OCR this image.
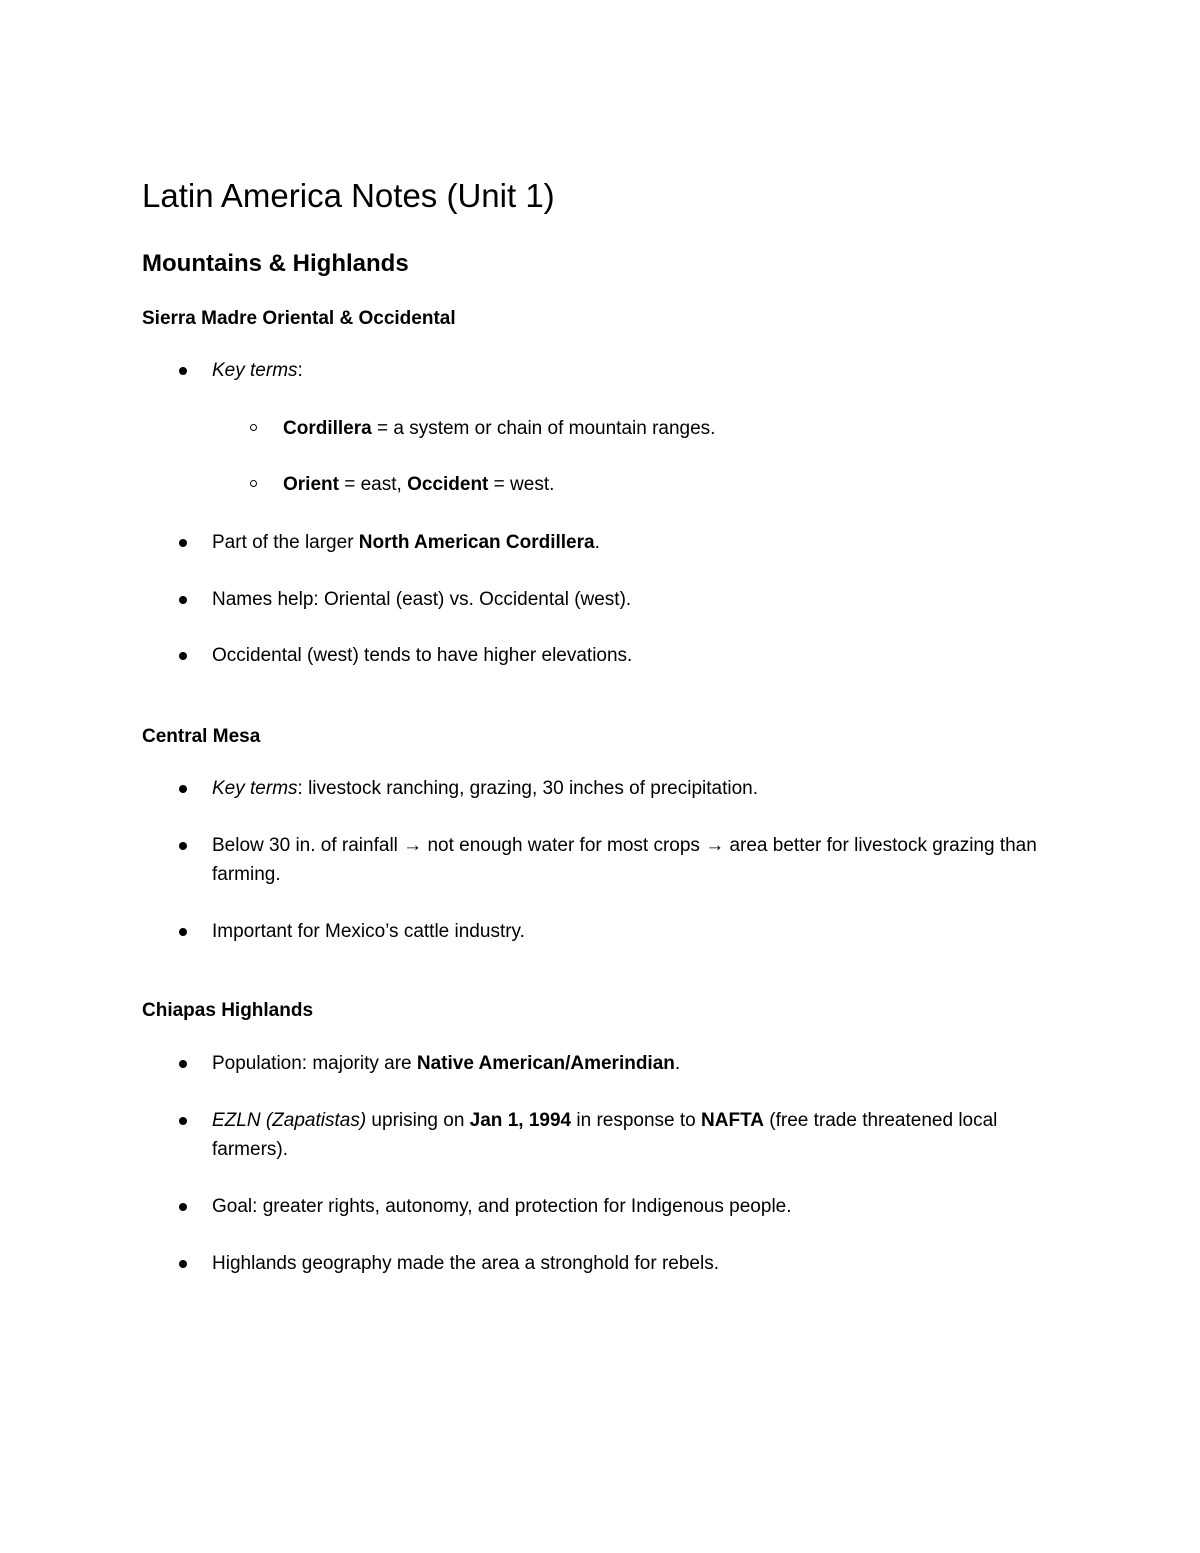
Latin America Notes (Unit 1)
Mountains & Highlands
Sierra Madre Oriental & Occidental
Key terms:
Cordillera = a system or chain of mountain ranges.
Orient = east, Occident = west.
Part of the larger North American Cordillera.
Names help: Oriental (east) vs. Occidental (west).
Occidental (west) tends to have higher elevations.
Central Mesa
Key terms: livestock ranching, grazing, 30 inches of precipitation.
Below 30 in. of rainfall → not enough water for most crops → area better for livestock grazing than farming.
Important for Mexico’s cattle industry.
Chiapas Highlands
Population: majority are Native American/Amerindian.
EZLN (Zapatistas) uprising on Jan 1, 1994 in response to NAFTA (free trade threatened local farmers).
Goal: greater rights, autonomy, and protection for Indigenous people.
Highlands geography made the area a stronghold for rebels.
